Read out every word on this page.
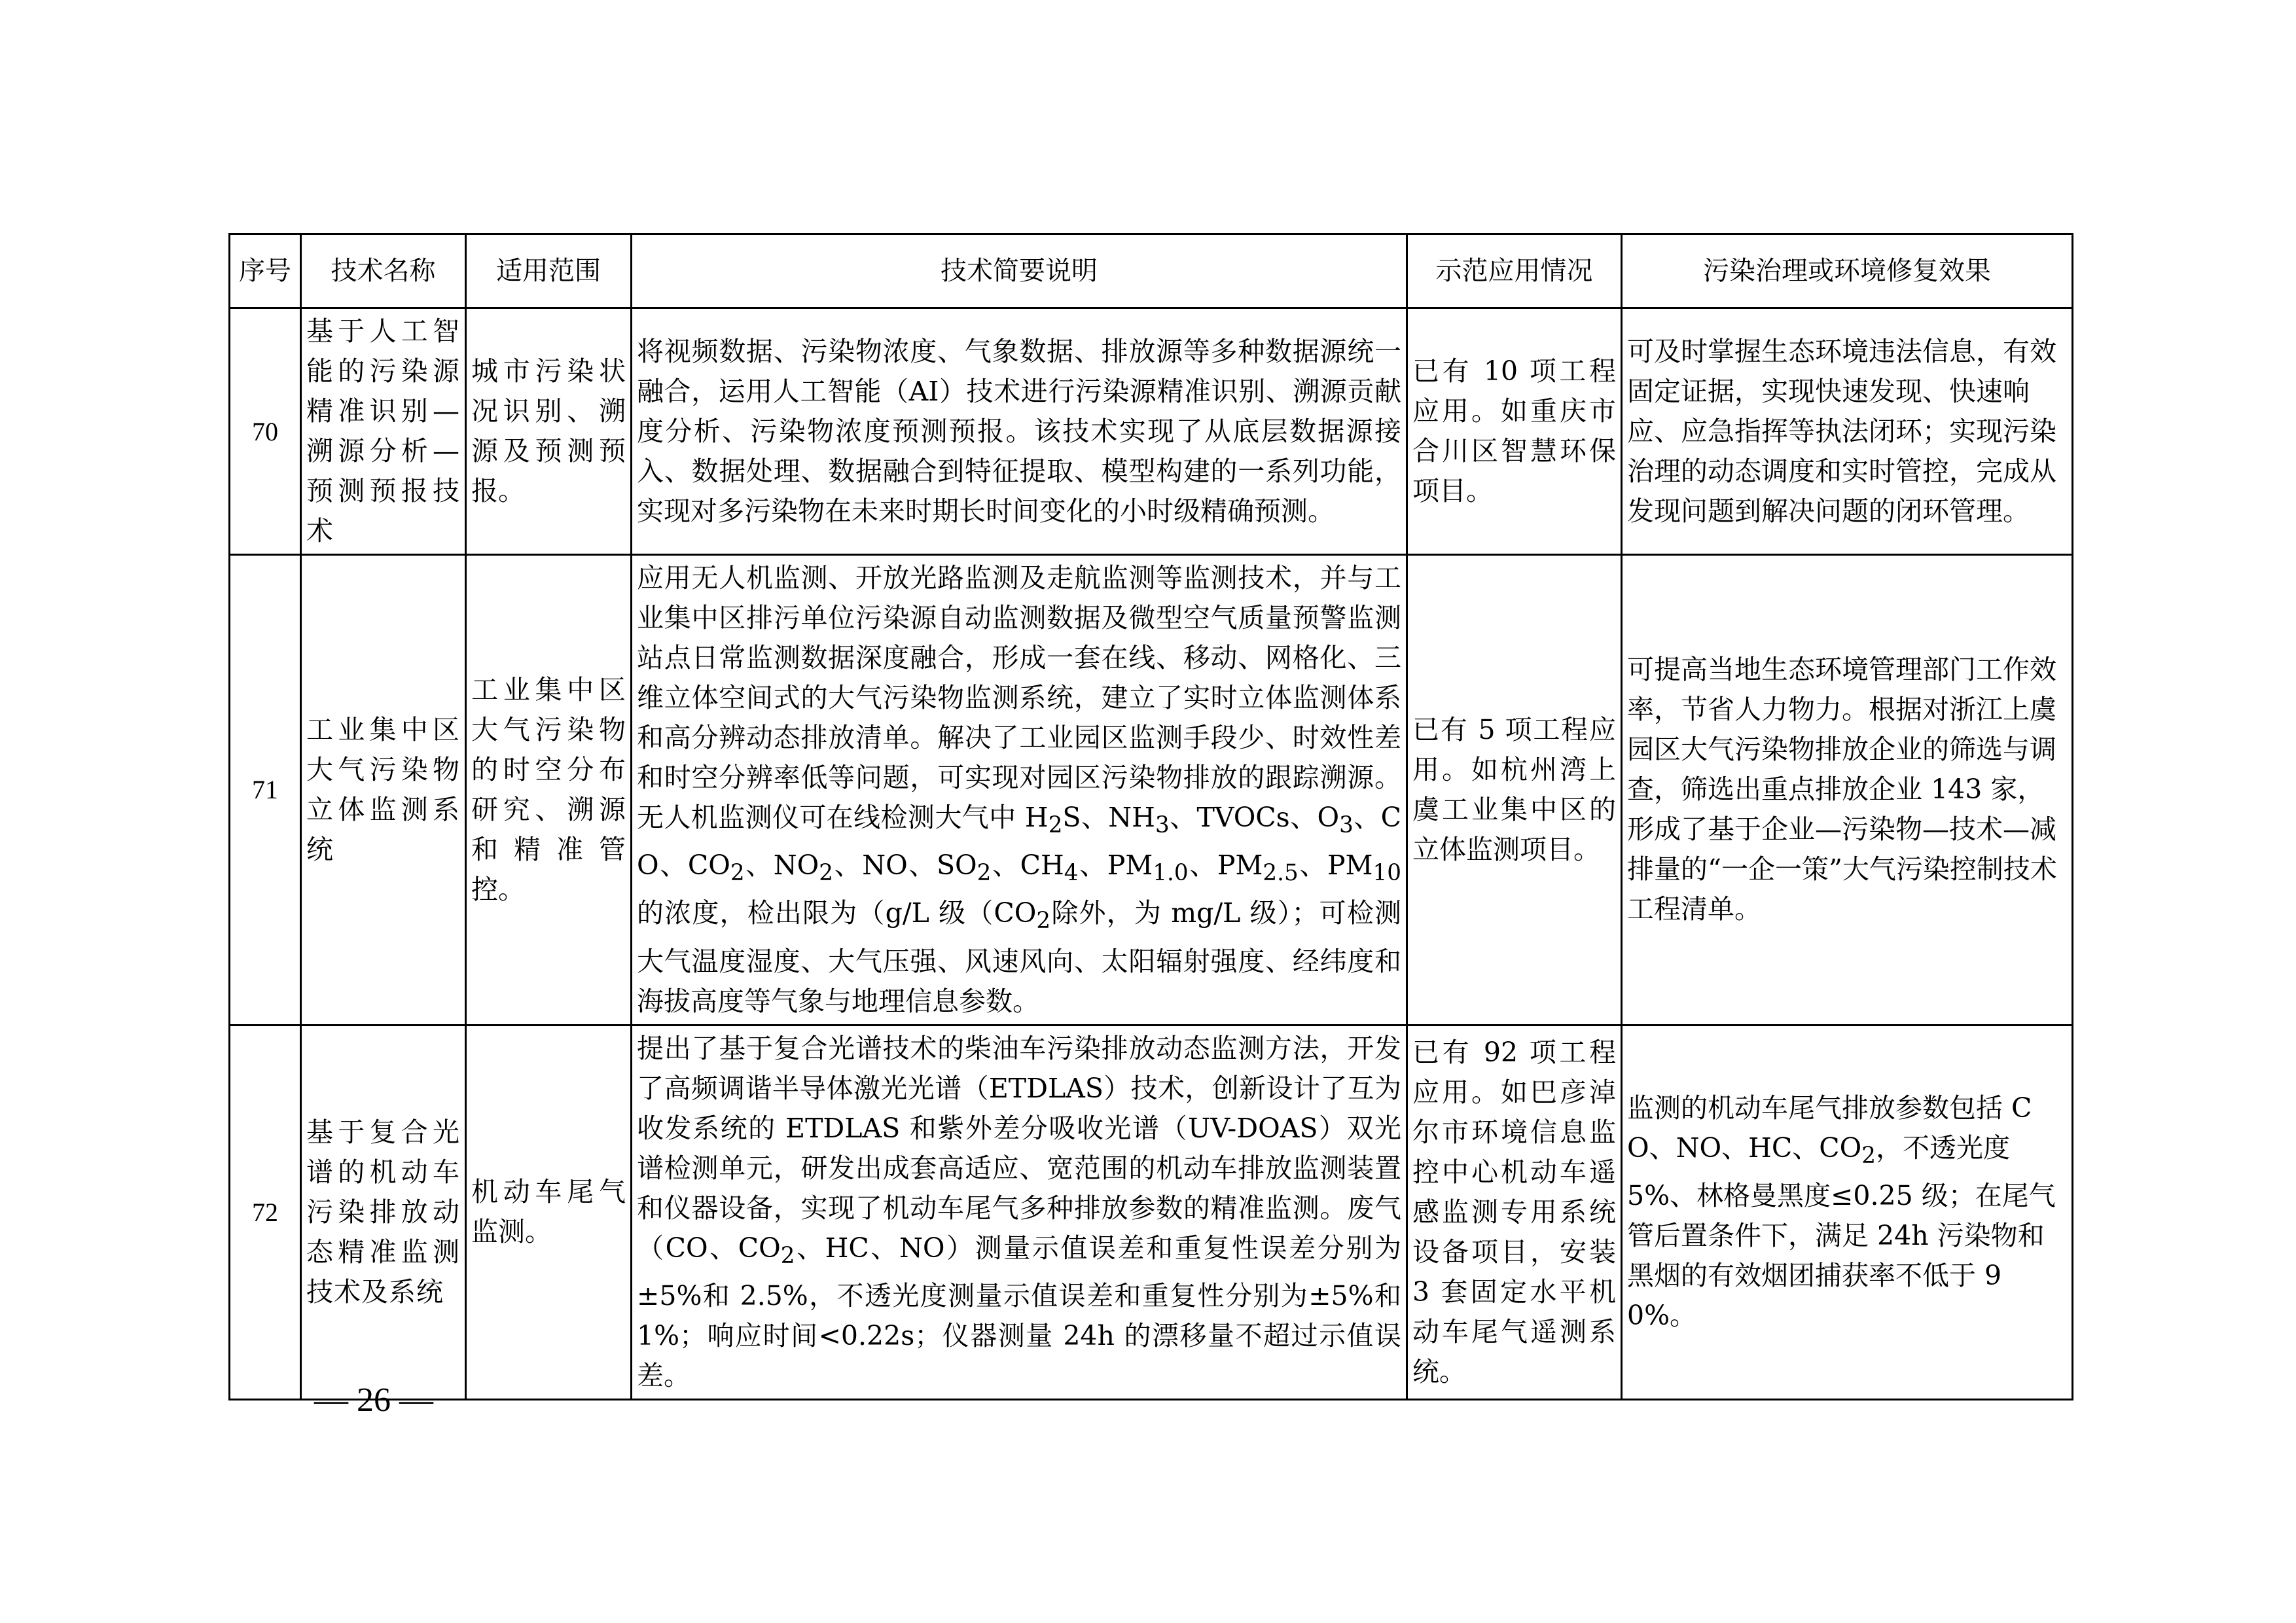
序号	技术名称	适用范围	技术简要说明	示范应用情况	污染治理或环境修复效果
70	基于人工智能的污染源精准识别—溯源分析—预测预报技术	城市污染状况识别、溯源及预测预报。	将视频数据、污染物浓度、气象数据、排放源等多种数据源统一融合，运用人工智能（AI）技术进行污染源精准识别、溯源贡献度分析、污染物浓度预测预报。该技术实现了从底层数据源接入、数据处理、数据融合到特征提取、模型构建的一系列功能，实现对多污染物在未来时期长时间变化的小时级精确预测。	已有 10 项工程应用。如重庆市合川区智慧环保项目。	可及时掌握生态环境违法信息，有效固定证据，实现快速发现、快速响应、应急指挥等执法闭环；实现污染治理的动态调度和实时管控，完成从发现问题到解决问题的闭环管理。
71	工业集中区大气污染物立体监测系统	工业集中区大气污染物的时空分布研究、溯源和精准管控。	应用无人机监测、开放光路监测及走航监测等监测技术，并与工业集中区排污单位污染源自动监测数据及微型空气质量预警监测站点日常监测数据深度融合，形成一套在线、移动、网格化、三维立体空间式的大气污染物监测系统，建立了实时立体监测体系和高分辨动态排放清单。解决了工业园区监测手段少、时效性差和时空分辨率低等问题，可实现对园区污染物排放的跟踪溯源。无人机监测仪可在线检测大气中 $H_2S$、$NH_3$、TVOCs、$O_3$、CO、$CO_2$、$NO_2$、NO、$SO_2$、$CH_4$、$PM_{1.0}$、$PM_{2.5}$、$PM_{10}$的浓度，检出限为（g/L 级（$CO_2$除外，为 mg/L 级）；可检测大气温度湿度、大气压强、风速风向、太阳辐射强度、经纬度和海拔高度等气象与地理信息参数。	已有 5 项工程应用。如杭州湾上虞工业集中区的立体监测项目。	可提高当地生态环境管理部门工作效率，节省人力物力。根据对浙江上虞园区大气污染物排放企业的筛选与调查，筛选出重点排放企业 143 家，形成了基于企业—污染物—技术—减排量的“一企一策”大气污染控制技术工程清单。
72	基于复合光谱的机动车污染排放动态精准监测技术及系统	机动车尾气监测。	提出了基于复合光谱技术的柴油车污染排放动态监测方法，开发了高频调谐半导体激光光谱（ETDLAS）技术，创新设计了互为收发系统的 ETDLAS 和紫外差分吸收光谱（UV-DOAS）双光谱检测单元，研发出成套高适应、宽范围的机动车排放监测装置和仪器设备，实现了机动车尾气多种排放参数的精准监测。废气（CO、$CO_2$、HC、NO）测量示值误差和重复性误差分别为±5%和 2.5%，不透光度测量示值误差和重复性分别为±5%和 1%；响应时间<0.22s；仪器测量 24h 的漂移量不超过示值误差。	已有 92 项工程应用。如巴彦淖尔市环境信息监控中心机动车遥感监测专用系统设备项目，安装 3 套固定水平机动车尾气遥测系统。	监测的机动车尾气排放参数包括 CO、NO、HC、$CO_2$，不透光度 5%、林格曼黑度≤0.25 级；在尾气管后置条件下，满足 24h 污染物和黑烟的有效烟团捕获率不低于 90%。
— 26 —
